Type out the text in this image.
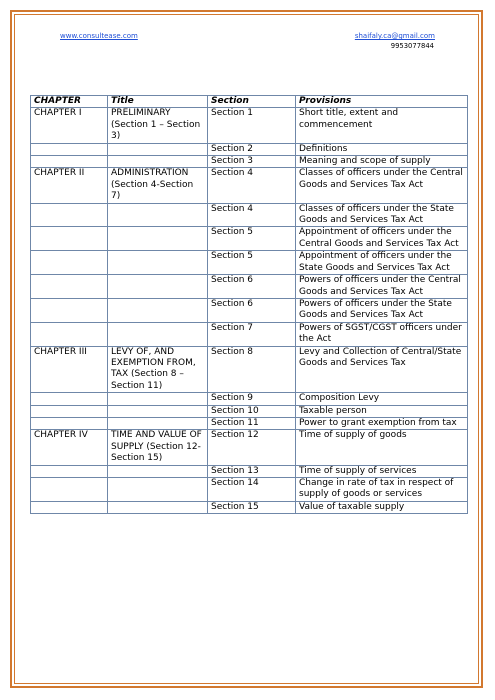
www.consultease.com	shaifaly.ca@gmail.com
9953077844
CHAPTER	Title	Section	Provisions
CHAPTER I	PRELIMINARY (Section 1 – Section 3)	Section 1	Short title, extent and commencement
		Section 2	Definitions
		Section 3	Meaning and scope of supply
CHAPTER II	ADMINISTRATION (Section 4-Section 7)	Section 4	Classes of officers under the Central Goods and Services Tax Act
		Section 4	Classes of officers under the State Goods and Services Tax Act
		Section 5	Appointment of officers under the Central Goods and Services Tax Act
		Section 5	Appointment of officers under the State Goods and Services Tax Act
		Section 6	Powers of officers under the Central Goods and Services Tax Act
		Section 6	Powers of officers under the State Goods and Services Tax Act
		Section 7	Powers of SGST/CGST officers under the Act
CHAPTER III	LEVY OF, AND EXEMPTION FROM, TAX (Section 8 – Section 11)	Section 8	Levy and Collection of Central/State Goods and Services Tax
		Section 9	Composition Levy
		Section 10	Taxable person
		Section 11	Power to grant exemption from tax
CHAPTER IV	TIME AND VALUE OF SUPPLY (Section 12-Section 15)	Section 12	Time of supply of goods
		Section 13	Time of supply of services
		Section 14	Change in rate of tax in respect of supply of goods or services
		Section 15	Value of taxable supply
